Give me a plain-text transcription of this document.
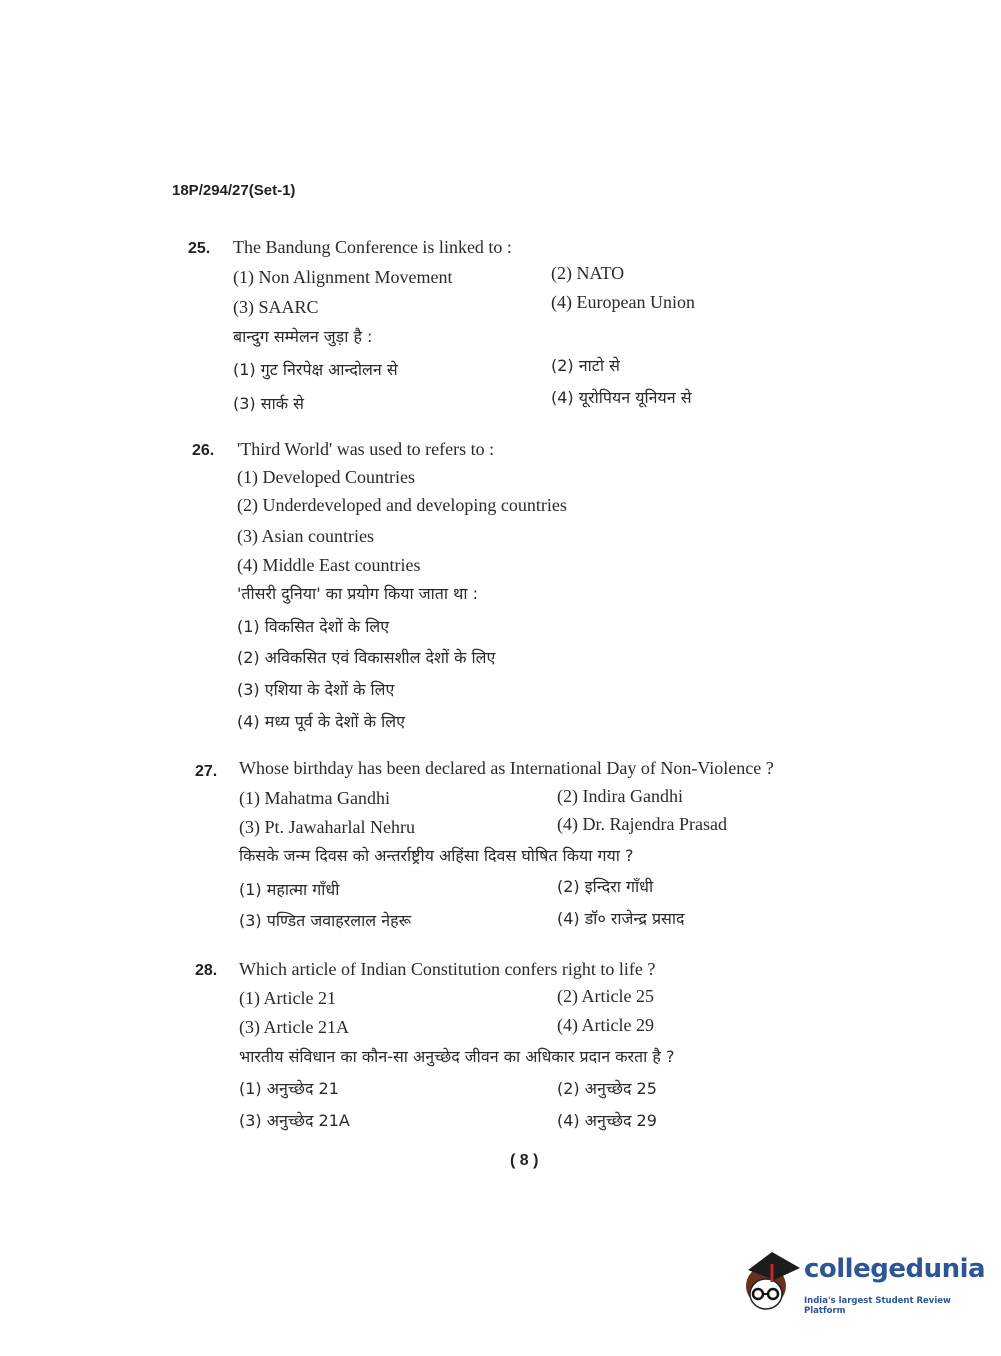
18P/294/27(Set-1)
25. The Bandung Conference is linked to :
(1) Non Alignment Movement	(2) NATO
(3) SAARC	(4) European Union
बान्दुग सम्मेलन जुड़ा है :
(1) गुट निरपेक्ष आन्दोलन से	(2) नाटो से
(3) सार्क से	(4) यूरोपियन यूनियन से
26. 'Third World' was used to refers to :
(1) Developed Countries
(2) Underdeveloped and developing countries
(3) Asian countries
(4) Middle East countries
'तीसरी दुनिया' का प्रयोग किया जाता था :
(1) विकसित देशों के लिए
(2) अविकसित एवं विकासशील देशों के लिए
(3) एशिया के देशों के लिए
(4) मध्य पूर्व के देशों के लिए
27. Whose birthday has been declared as International Day of Non-Violence ?
(1) Mahatma Gandhi	(2) Indira Gandhi
(3) Pt. Jawaharlal Nehru	(4) Dr. Rajendra Prasad
किसके जन्म दिवस को अन्तर्राष्ट्रीय अहिंसा दिवस घोषित किया गया ?
(1) महात्मा गाँधी	(2) इन्दिरा गाँधी
(3) पण्डित जवाहरलाल नेहरू	(4) डॉ० राजेन्द्र प्रसाद
28. Which article of Indian Constitution confers right to life ?
(1) Article 21	(2) Article 25
(3) Article 21A	(4) Article 29
भारतीय संविधान का कौन-सा अनुच्छेद जीवन का अधिकार प्रदान करता है ?
(1) अनुच्छेद 21	(2) अनुच्छेद 25
(3) अनुच्छेद 21A	(4) अनुच्छेद 29
( 8 )
collegedunia
India's largest Student Review Platform
